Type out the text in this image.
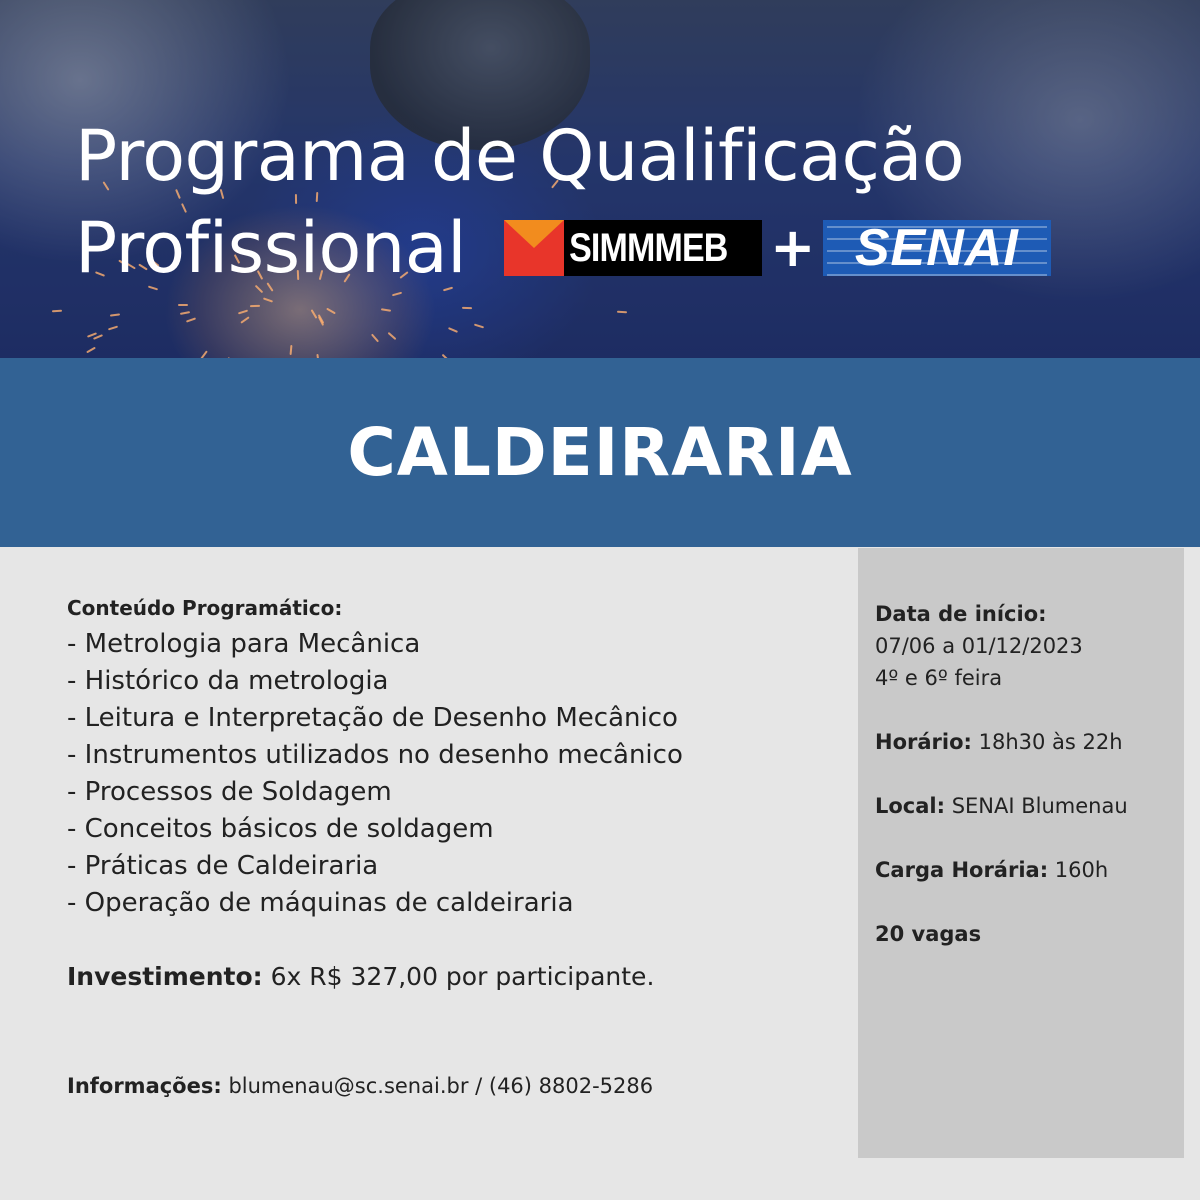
Programa de Qualificação
Profissional	SIMMMEB + SENAI
CALDEIRARIA
Conteúdo Programático:
- Metrologia para Mecânica
- Histórico da metrologia
- Leitura e Interpretação de Desenho Mecânico
- Instrumentos utilizados no desenho mecânico
- Processos de Soldagem
- Conceitos básicos de soldagem
- Práticas de Caldeiraria
- Operação de máquinas de caldeiraria
Investimento: 6x R$ 327,00 por participante.
Informações: blumenau@sc.senai.br / (46) 8802-5286
Data de início:
07/06 a 01/12/2023
4º e 6º feira
Horário: 18h30 às 22h
Local: SENAI Blumenau
Carga Horária: 160h
20 vagas
